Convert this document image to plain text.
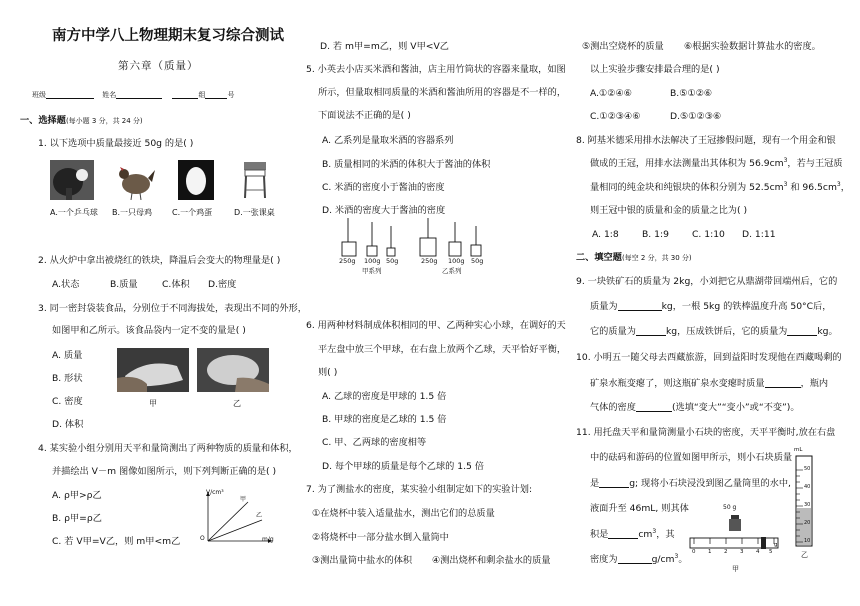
南方中学八上物理期末复习综合测试
第六章（质量）
班级	姓名	组	号
一、选择题(每小题 3 分，共 24 分)
1. 以下选项中质量最接近 50g 的是( )
A.一个乒乓球 B.一只母鸡 C.一个鸡蛋	D.一张课桌
2. 从火炉中拿出被烧红的铁块，降温后会变大的物理量是( )
A.状态	B.质量	C.体积 D.密度
3. 同一密封袋装食品，分别位于不同海拔处，表现出不同的外形，
如图甲和乙所示。该食品袋内一定不变的量是( )
A. 质量
B. 形状
C. 密度
D. 体积
甲	乙
4. 某实验小组分别用天平和量筒测出了两种物质的质量和体积，
并描绘出 V－m 图像如图所示，则下列判断正确的是( )
A. ρ甲>ρ乙
B. ρ甲=ρ乙
C. 若 V甲=V乙，则 m甲<m乙
V/cm³
m/g
O
甲
乙
D. 若 m甲=m乙，则 V甲<V乙
5. 小英去小店买米酒和酱油，店主用竹筒状的容器来量取，如图
所示，但量取相同质量的米酒和酱油所用的容器是不一样的，
下面说法不正确的是( )
A. 乙系列是量取米酒的容器系列
B. 质量相同的米酒的体积大于酱油的体积
C. 米酒的密度小于酱油的密度
D. 米酒的密度大于酱油的密度
250g 100g 50g	250g 100g 50g
甲系列	乙系列
6. 用两种材料制成体积相同的甲、乙两种实心小球，在调好的天
平左盘中放三个甲球，在右盘上放两个乙球，天平恰好平衡，
则( )
A. 乙球的密度是甲球的 1.5 倍
B. 甲球的密度是乙球的 1.5 倍
C. 甲、乙两球的密度相等
D. 每个甲球的质量是每个乙球的 1.5 倍
7. 为了测盐水的密度，某实验小组制定如下的实验计划:
①在烧杯中装入适量盐水，测出它们的总质量
②将烧杯中一部分盐水倒入量筒中
③测出量筒中盐水的体积 ④测出烧杯和剩余盐水的质量
⑤测出空烧杯的质量 ⑥根据实验数据计算盐水的密度。
以上实验步骤安排最合理的是( )
A.①②④⑥	B.⑤①②⑥
C.①②③④⑥	D.⑤①②③⑥
8. 阿基米德采用排水法解决了王冠掺假问题，现有一个用金和银
做成的王冠，用排水法测量出其体积为 $56.9cm^3$，若与王冠质
量相同的纯金块和纯银块的体积分别为 $52.5cm^3$ 和 $96.5cm^3$，
则王冠中银的质量和金的质量之比为( )
A. 1:8	B. 1:9	C. 1:10 D. 1:11
二、填空题(每空 2 分，共 30 分)
9. 一块铁矿石的质量为 2kg，小刘把它从鼎湖带回端州后，它的
质量为	kg，一根 5kg 的铁棒温度升高 50°C后，
它的质量为	kg，压成铁饼后，它的质量为	kg。
10. 小明五一随父母去西藏旅游，回到益阳时发现他在西藏喝剩的
矿泉水瓶变瘪了，则这瓶矿泉水变瘪时质量	，瓶内
气体的密度	(选填“变大”“变小”或“不变”)。
11. 用托盘天平和量筒测量小石块的密度，天平平衡时,放在右盘
中的砝码和游码的位置如图甲所示，则小石块质量
是	g; 现将小石块浸没到图乙量筒里的水中,
液面升至 46mL, 则其体
积是	$cm^3$，其
密度为	$g/cm^3$。
50 g
0 1 2 3 4 5
g
甲
mL
50
40
30
20
10
乙
